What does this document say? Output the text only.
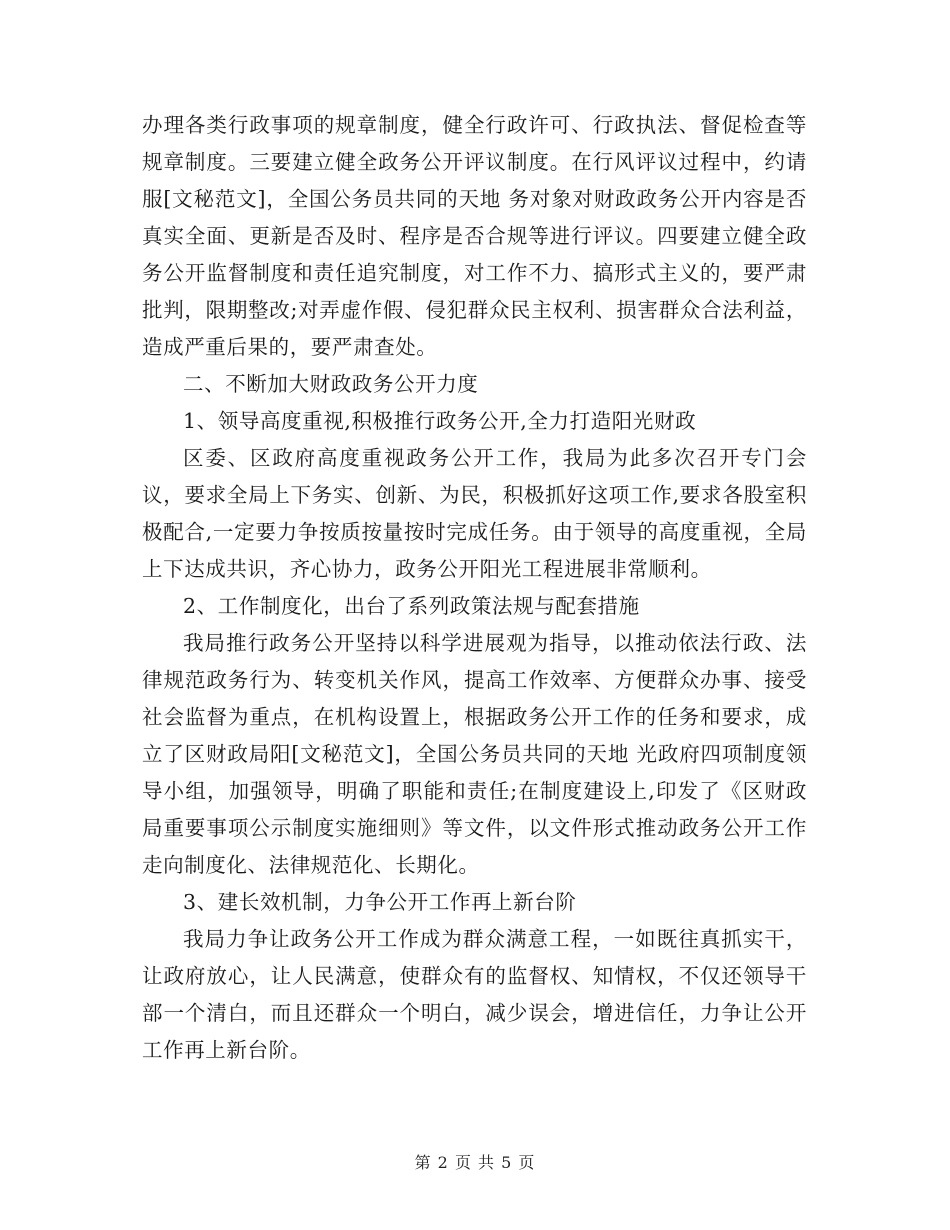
办理各类行政事项的规章制度，健全行政许可、行政执法、督促检查等规章制度。三要建立健全政务公开评议制度。在行风评议过程中，约请服[文秘范文]，全国公务员共同的天地 务对象对财政政务公开内容是否真实全面、更新是否及时、程序是否合规等进行评议。四要建立健全政务公开监督制度和责任追究制度，对工作不力、搞形式主义的，要严肃批判，限期整改;对弄虚作假、侵犯群众民主权利、损害群众合法利益，造成严重后果的，要严肃查处。

二、不断加大财政政务公开力度

1、领导高度重视,积极推行政务公开,全力打造阳光财政

区委、区政府高度重视政务公开工作，我局为此多次召开专门会议，要求全局上下务实、创新、为民，积极抓好这项工作,要求各股室积极配合,一定要力争按质按量按时完成任务。由于领导的高度重视，全局上下达成共识，齐心协力，政务公开阳光工程进展非常顺利。

2、工作制度化，出台了系列政策法规与配套措施

我局推行政务公开坚持以科学进展观为指导，以推动依法行政、法律规范政务行为、转变机关作风，提高工作效率、方便群众办事、接受社会监督为重点，在机构设置上，根据政务公开工作的任务和要求，成立了区财政局阳[文秘范文]，全国公务员共同的天地 光政府四项制度领导小组，加强领导，明确了职能和责任;在制度建设上,印发了《区财政局重要事项公示制度实施细则》等文件，以文件形式推动政务公开工作走向制度化、法律规范化、长期化。

3、建长效机制，力争公开工作再上新台阶

我局力争让政务公开工作成为群众满意工程，一如既往真抓实干，让政府放心，让人民满意，使群众有的监督权、知情权，不仅还领导干部一个清白，而且还群众一个明白，减少误会，增进信任，力争让公开工作再上新台阶。

第 2 页 共 5 页
